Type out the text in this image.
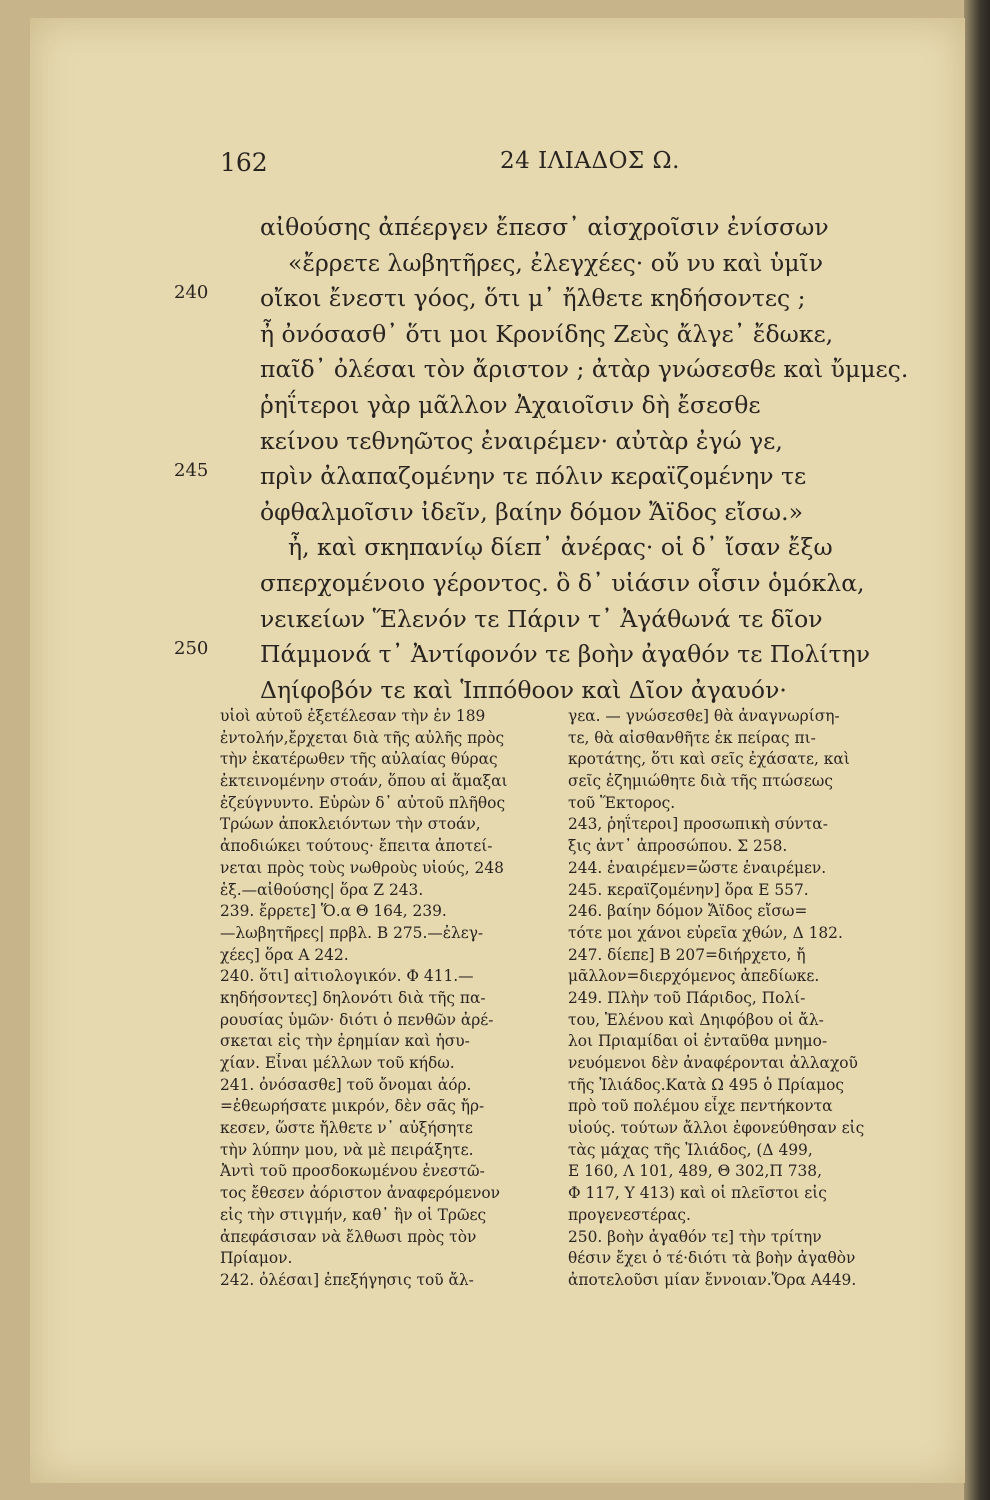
162	24 ΙΛΙΑΔΟΣ Ω.
αἰθούσης ἀπέεργεν ἔπεσσ᾽ αἰσχροῖσιν ἐνίσσων
«ἔρρετε λωβητῆρες, ἐλεγχέες· οὔ νυ καὶ ὑμῖν
240 οἴκοι ἔνεστι γόος, ὅτι μ᾽ ἤλθετε κηδήσοντες ;
ἦ ὀνόσασθ᾽ ὅτι μοι Κρονίδης Ζεὺς ἄλγε᾽ ἔδωκε,
παῖδ᾽ ὀλέσαι τὸν ἄριστον ; ἀτὰρ γνώσεσθε καὶ ὔμμες.
ῥηΐτεροι γὰρ μᾶλλον Ἀχαιοῖσιν δὴ ἔσεσθε
κείνου τεθνηῶτος ἐναιρέμεν· αὐτὰρ ἐγώ γε,
245 πρὶν ἀλαπαζομένην τε πόλιν κεραϊζομένην τε
ὀφθαλμοῖσιν ἰδεῖν, βαίην δόμον Ἄϊδος εἴσω.»
ἦ, καὶ σκηπανίῳ δίεπ᾽ ἀνέρας· οἱ δ᾽ ἴσαν ἔξω
σπερχομένοιο γέροντος. ὃ δ᾽ υἱάσιν οἷσιν ὁμόκλα,
νεικείων Ἕλενόν τε Πάριν τ᾽ Ἀγάθωνά τε δῖον
250 Πάμμονά τ᾽ Ἀντίφονόν τε βοὴν ἀγαθόν τε Πολίτην
Δηίφοβόν τε καὶ Ἱππόθοον καὶ Δῖον ἀγαυόν·
υἱοὶ αὐτοῦ ἐξετέλεσαν τὴν ἐν 189
ἐντολήν,ἔρχεται διὰ τῆς αὐλῆς πρὸς
τὴν ἑκατέρωθεν τῆς αὐλαίας θύρας
ἐκτεινομένην στοάν, ὅπου αἱ ἅμαξαι
ἐζεύγνυντο. Εὑρὼν δ᾽ αὐτοῦ πλῆθος
Τρώων ἀποκλειόντων τὴν στοάν,
ἀποδιώκει τούτους· ἔπειτα ἀποτεί-
νεται πρὸς τοὺς νωθροὺς υἱούς, 248
ἑξ.—αἰθούσης| ὅρα Ζ 243.
239. ἔρρετε] Ὅ.α Θ 164, 239.
—λωβητῆρες| πρβλ. Β 275.—ἐλεγ-
χέες] ὅρα Α 242.
240. ὅτι] αἰτιολογικόν. Φ 411.—
κηδήσοντες] δηλονότι διὰ τῆς πα-
ρουσίας ὑμῶν· διότι ὁ πενθῶν ἀρέ-
σκεται εἰς τὴν ἐρημίαν καὶ ἡσυ-
χίαν. Εἶναι μέλλων τοῦ κήδω.
241. ὀνόσασθε] τοῦ ὄνομαι ἀόρ.
=ἐθεωρήσατε μικρόν, δὲν σᾶς ἤρ-
κεσεν, ὥστε ἤλθετε ν᾽ αὐξήσητε
τὴν λύπην μου, νὰ μὲ πειράξητε.
Ἀντὶ τοῦ προσδοκωμένου ἐνεστῶ-
τος ἔθεσεν ἀόριστον ἀναφερόμενον
εἰς τὴν στιγμήν, καθ᾽ ἣν οἱ Τρῶες
ἀπεφάσισαν νὰ ἔλθωσι πρὸς τὸν
Πρίαμον.
242. ὀλέσαι] ἐπεξήγησις τοῦ ἄλ-
γεα. — γνώσεσθε] θὰ ἀναγνωρίση-
τε, θὰ αἰσθανθῆτε ἐκ πείρας πι-
κροτάτης, ὅτι καὶ σεῖς ἐχάσατε, καὶ
σεῖς ἐζημιώθητε διὰ τῆς πτώσεως
τοῦ Ἕκτορος.
243, ῥηΐτεροι] προσωπικὴ σύντα-
ξις ἀντ᾽ ἀπροσώπου. Σ 258.
244. ἐναιρέμεν=ὥστε ἐναιρέμεν.
245. κεραϊζομένην] ὅρα Ε 557.
246. βαίην δόμον Ἄϊδος εἴσω=
τότε μοι χάνοι εὐρεῖα χθών, Δ 182.
247. δίεπε] Β 207=διήρχετο, ἤ
μᾶλλον=διερχόμενος ἀπεδίωκε.
249. Πλὴν τοῦ Πάριδος, Πολί-
του, Ἑλένου καὶ Δηιφόβου οἱ ἄλ-
λοι Πριαμίδαι οἱ ἐνταῦθα μνημο-
νευόμενοι δὲν ἀναφέρονται ἀλλαχοῦ
τῆς Ἰλιάδος.Κατὰ Ω 495 ὁ Πρίαμος
πρὸ τοῦ πολέμου εἶχε πεντήκοντα
υἱούς. τούτων ἄλλοι ἐφονεύθησαν εἰς
τὰς μάχας τῆς Ἰλιάδος, (Δ 499,
Ε 160, Λ 101, 489, Θ 302,Π 738,
Φ 117, Υ 413) καὶ οἱ πλεῖστοι εἰς
προγενεστέρας.
250. βοὴν ἀγαθόν τε] τὴν τρίτην
θέσιν ἔχει ὁ τέ·διότι τὰ βοὴν ἀγαθὸν
ἀποτελοῦσι μίαν ἔννοιαν.Ὅρα Α449.
